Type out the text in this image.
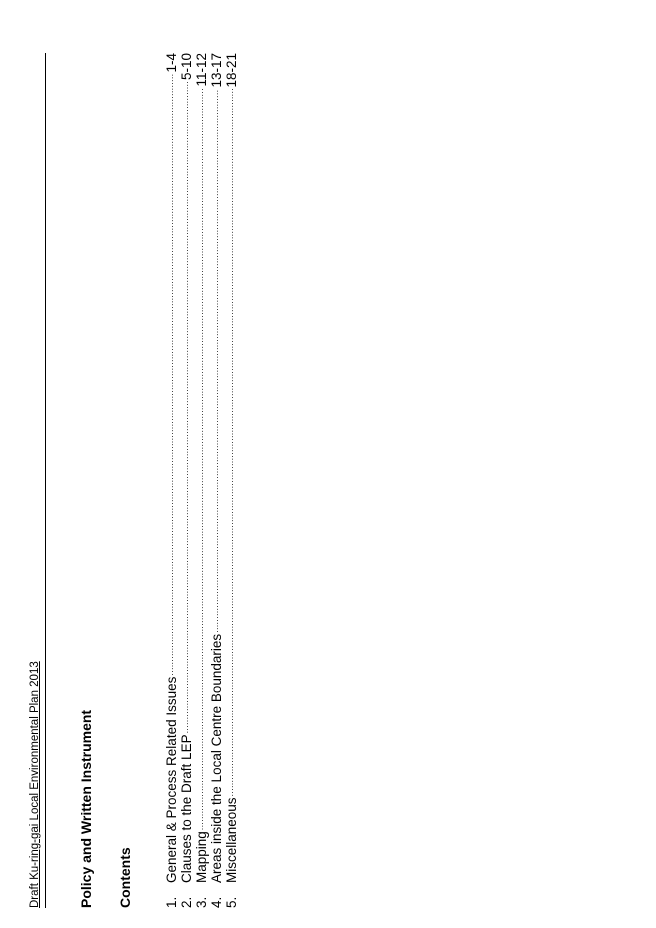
Draft Ku-ring-gai Local Environmental Plan 2013	Policy and Written Instrument Contents 1.
General & Process Related Issues
.....
1-4
2.
Clauses to the Draft LEP
.....
5-10
3.
Mapping
.....
11-12
4.
Areas inside the Local Centre Boundaries
.....
13-17
5.
Miscellaneous
.....
18-21
